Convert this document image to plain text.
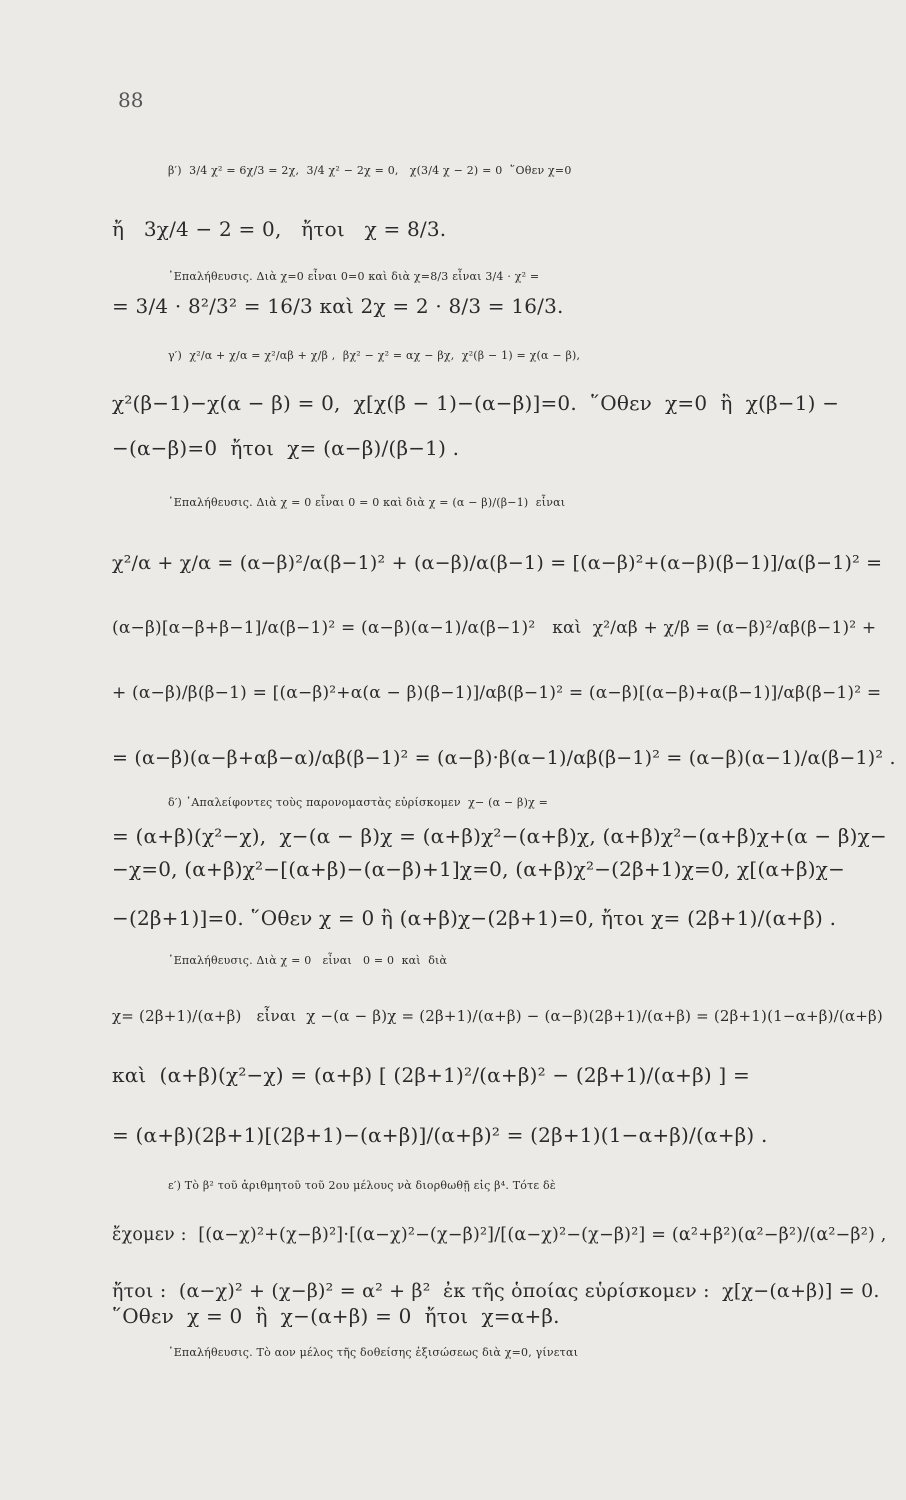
88
β′)  3/4 χ² = 6χ/3 = 2χ,  3/4 χ² − 2χ = 0,   χ(3/4 χ − 2) = 0  ῞Οθεν χ=0
ἤ   3χ/4 − 2 = 0,   ἤτοι   χ = 8/3.
᾿Επαλήθευσις. Διὰ χ=0 εἶναι 0=0 καὶ διὰ χ=8/3 εἶναι 3/4 · χ² =
= 3/4 · 8²/3² = 16/3 καὶ 2χ = 2 · 8/3 = 16/3.
γ′)  χ²/α + χ/α = χ²/αβ + χ/β ,  βχ² − χ² = αχ − βχ,  χ²(β − 1) = χ(α − β),
χ²(β−1)−χ(α − β) = 0,  χ[χ(β − 1)−(α−β)]=0.  ῞Οθεν  χ=0  ἢ  χ(β−1) −
−(α−β)=0  ἤτοι  χ= (α−β)/(β−1) .
᾿Επαλήθευσις. Διὰ χ = 0 εἶναι 0 = 0 καὶ διὰ χ = (α − β)/(β−1)  εἶναι
χ²/α + χ/α = (α−β)²/α(β−1)² + (α−β)/α(β−1) = [(α−β)²+(α−β)(β−1)]/α(β−1)² =
(α−β)[α−β+β−1]/α(β−1)² = (α−β)(α−1)/α(β−1)²   καὶ  χ²/αβ + χ/β = (α−β)²/αβ(β−1)² +
+ (α−β)/β(β−1) = [(α−β)²+α(α − β)(β−1)]/αβ(β−1)² = (α−β)[(α−β)+α(β−1)]/αβ(β−1)² =
= (α−β)(α−β+αβ−α)/αβ(β−1)² = (α−β)·β(α−1)/αβ(β−1)² = (α−β)(α−1)/α(β−1)² .
δ′) ᾿Απαλείφοντες τοὺς παρονομαστὰς εὑρίσκομεν  χ− (α − β)χ =
= (α+β)(χ²−χ),  χ−(α − β)χ = (α+β)χ²−(α+β)χ, (α+β)χ²−(α+β)χ+(α − β)χ−
−χ=0, (α+β)χ²−[(α+β)−(α−β)+1]χ=0, (α+β)χ²−(2β+1)χ=0, χ[(α+β)χ−
−(2β+1)]=0. ῞Οθεν χ = 0 ἢ (α+β)χ−(2β+1)=0, ἤτοι χ= (2β+1)/(α+β) .
᾿Επαλήθευσις. Διὰ χ = 0   εἶναι   0 = 0  καὶ  διὰ
χ= (2β+1)/(α+β)   εἶναι  χ −(α − β)χ = (2β+1)/(α+β) − (α−β)(2β+1)/(α+β) = (2β+1)(1−α+β)/(α+β)
καὶ  (α+β)(χ²−χ) = (α+β) [ (2β+1)²/(α+β)² − (2β+1)/(α+β) ] =
= (α+β)(2β+1)[(2β+1)−(α+β)]/(α+β)² = (2β+1)(1−α+β)/(α+β) .
ε′) Τὸ β² τοῦ ἀριθμητοῦ τοῦ 2ου μέλους νὰ διορθωθῇ εἰς β⁴. Τότε δὲ
ἔχομεν :  [(α−χ)²+(χ−β)²]·[(α−χ)²−(χ−β)²]/[(α−χ)²−(χ−β)²] = (α²+β²)(α²−β²)/(α²−β²) ,
ἤτοι :  (α−χ)² + (χ−β)² = α² + β²  ἐκ τῆς ὁποίας εὑρίσκομεν :  χ[χ−(α+β)] = 0.
῞Οθεν  χ = 0  ἢ  χ−(α+β) = 0  ἤτοι  χ=α+β.
᾿Επαλήθευσις. Τὸ αον μέλος τῆς δοθείσης ἐξισώσεως διὰ χ=0, γίνεται
